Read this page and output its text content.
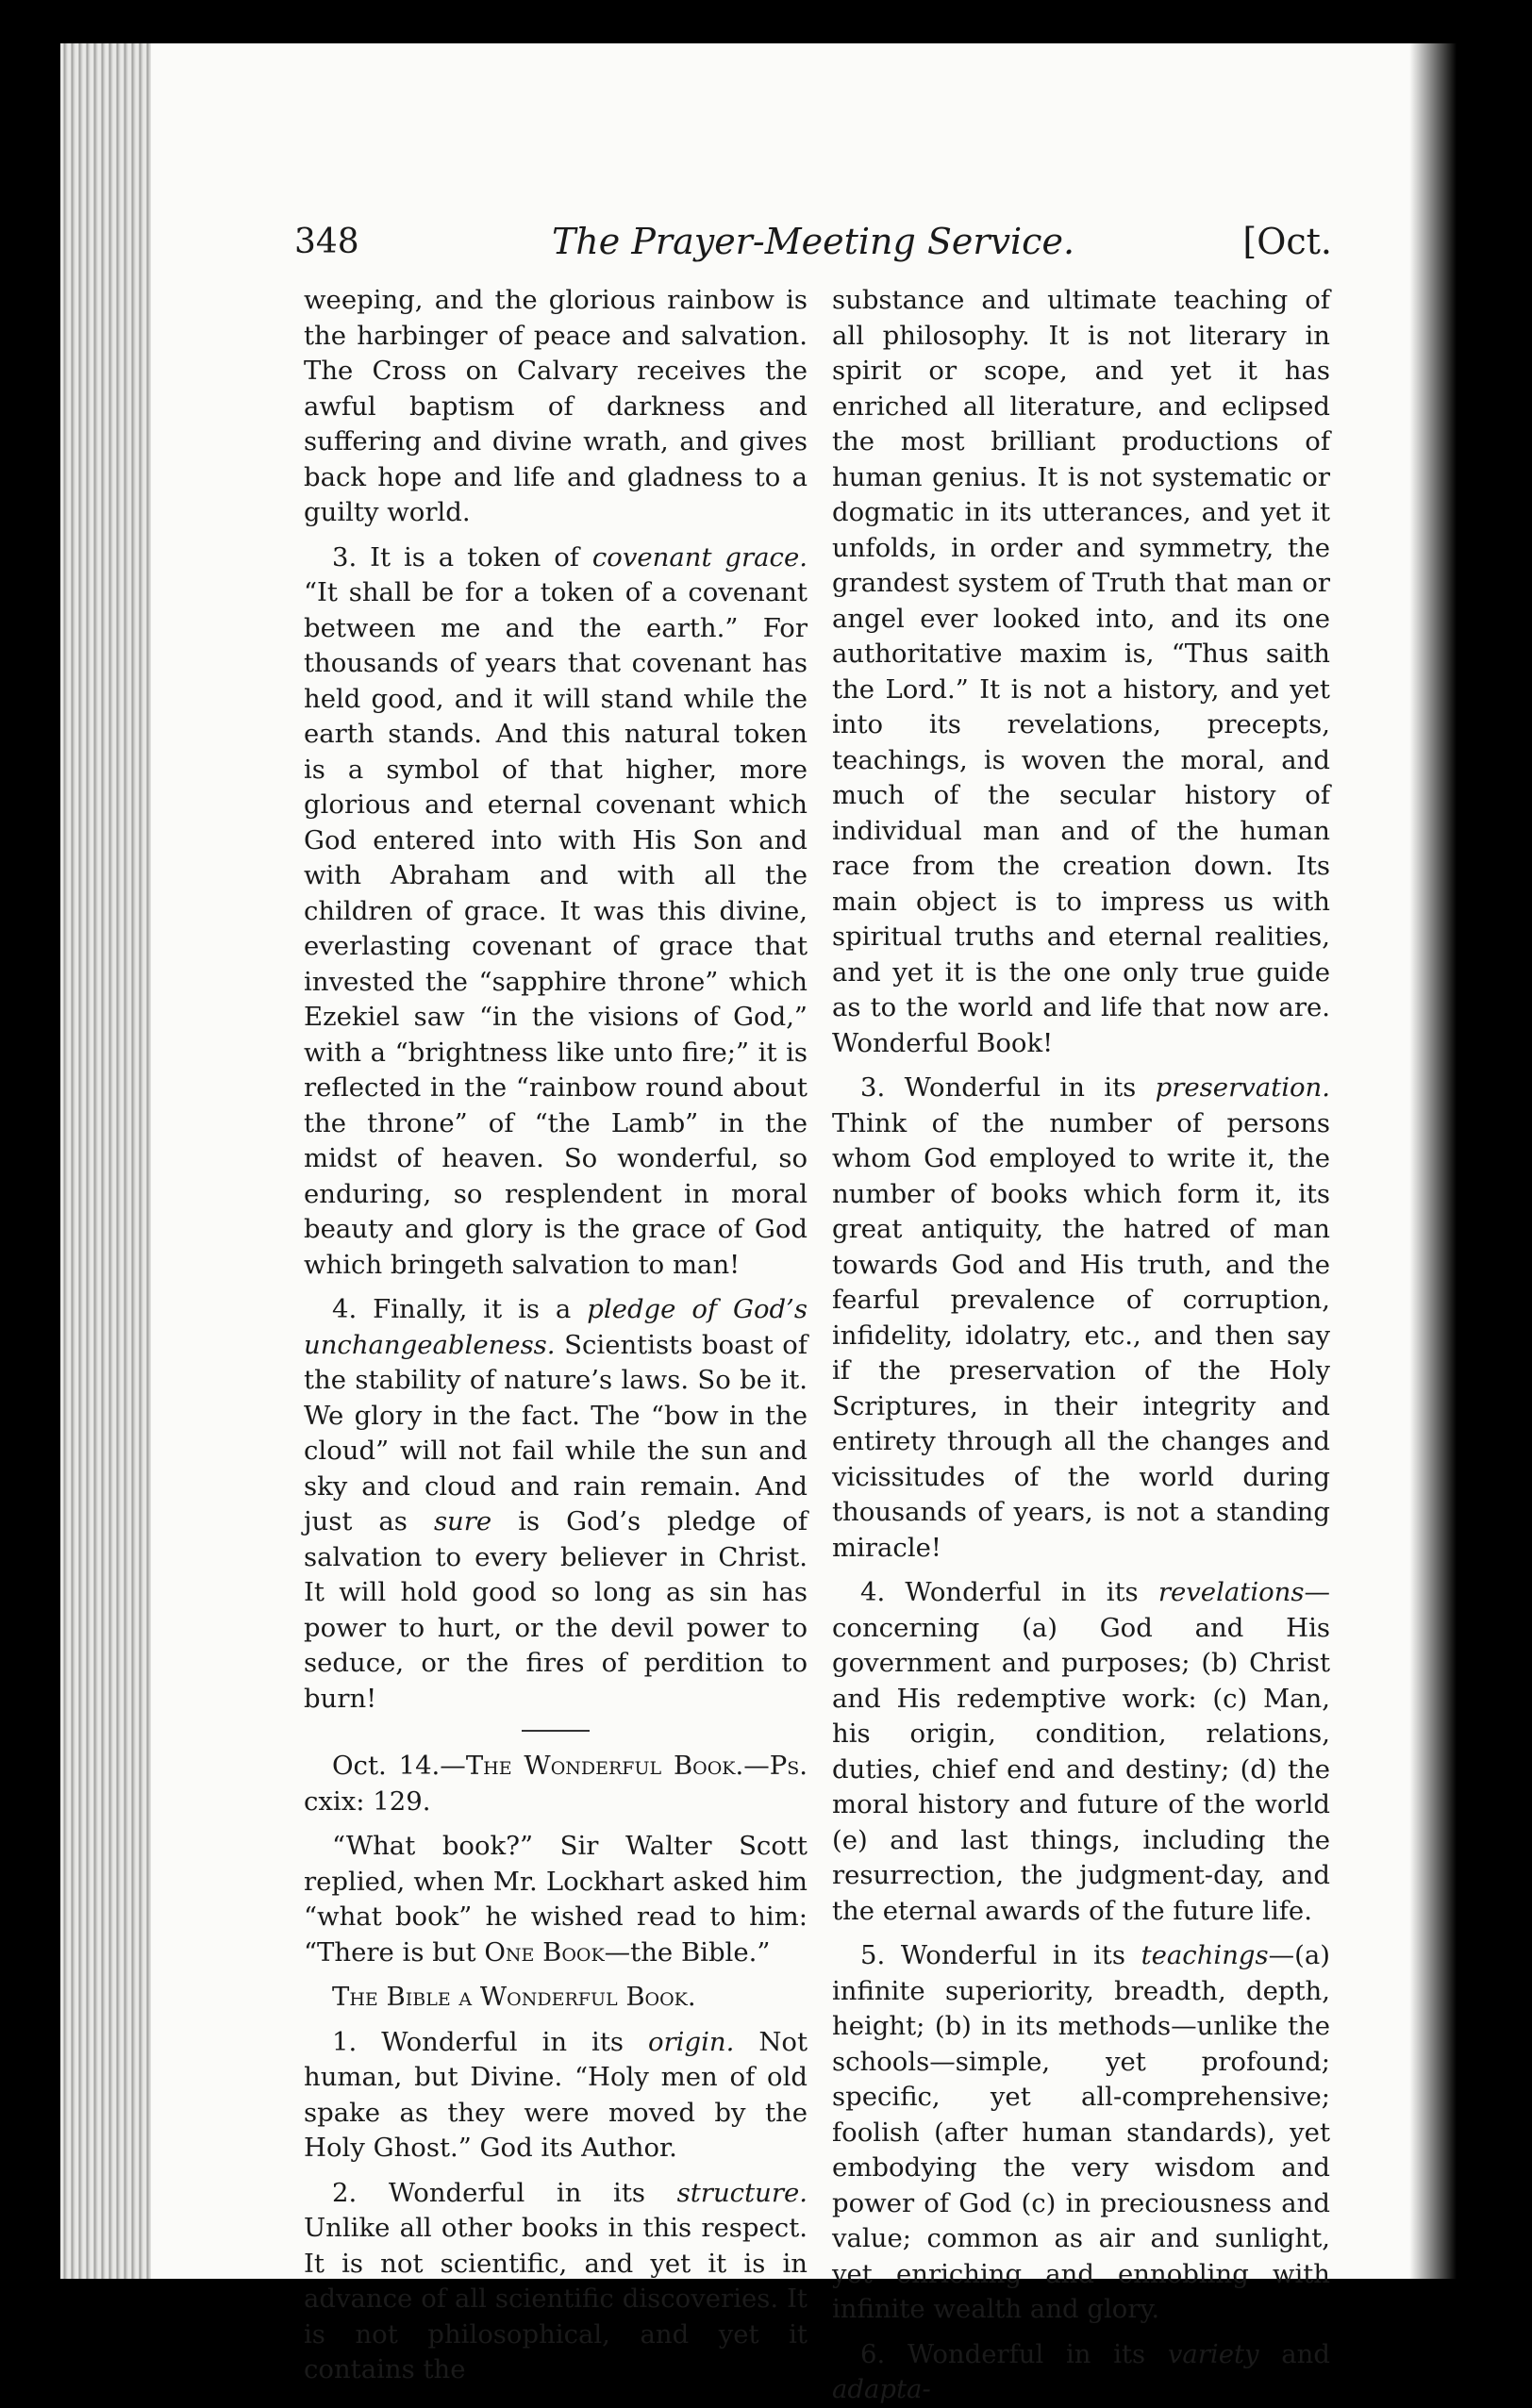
348	The Prayer-Meeting Service.	[Oct.

weeping, and the glorious rainbow is the harbinger of peace and salvation. The Cross on Calvary receives the awful baptism of darkness and suffering and divine wrath, and gives back hope and life and gladness to a guilty world.

3. It is a token of covenant grace. “It shall be for a token of a covenant between me and the earth.” For thousands of years that covenant has held good, and it will stand while the earth stands. And this natural token is a symbol of that higher, more glorious and eternal covenant which God entered into with His Son and with Abraham and with all the children of grace. It was this divine, everlasting covenant of grace that invested the “sapphire throne” which Ezekiel saw “in the visions of God,” with a “brightness like unto fire;” it is reflected in the “rainbow round about the throne” of “the Lamb” in the midst of heaven. So wonderful, so enduring, so resplendent in moral beauty and glory is the grace of God which bringeth salvation to man!

4. Finally, it is a pledge of God’s unchangeableness. Scientists boast of the stability of nature’s laws. So be it. We glory in the fact. The “bow in the cloud” will not fail while the sun and sky and cloud and rain remain. And just as sure is God’s pledge of salvation to every believer in Christ. It will hold good so long as sin has power to hurt, or the devil power to seduce, or the fires of perdition to burn!

Oct. 14.—The Wonderful Book.—Ps. cxix: 129.

“What book?” Sir Walter Scott replied, when Mr. Lockhart asked him “what book” he wished read to him: “There is but One Book—the Bible.”

The Bible a Wonderful Book.

1. Wonderful in its origin. Not human, but Divine. “Holy men of old spake as they were moved by the Holy Ghost.” God its Author.

2. Wonderful in its structure. Unlike all other books in this respect. It is not scientific, and yet it is in advance of all scientific discoveries. It is not philosophical, and yet it contains the

substance and ultimate teaching of all philosophy. It is not literary in spirit or scope, and yet it has enriched all literature, and eclipsed the most brilliant productions of human genius. It is not systematic or dogmatic in its utterances, and yet it unfolds, in order and symmetry, the grandest system of Truth that man or angel ever looked into, and its one authoritative maxim is, “Thus saith the Lord.” It is not a history, and yet into its revelations, precepts, teachings, is woven the moral, and much of the secular history of individual man and of the human race from the creation down. Its main object is to impress us with spiritual truths and eternal realities, and yet it is the one only true guide as to the world and life that now are. Wonderful Book!

3. Wonderful in its preservation. Think of the number of persons whom God employed to write it, the number of books which form it, its great antiquity, the hatred of man towards God and His truth, and the fearful prevalence of corruption, infidelity, idolatry, etc., and then say if the preservation of the Holy Scriptures, in their integrity and entirety through all the changes and vicissitudes of the world during thousands of years, is not a standing miracle!

4. Wonderful in its revelations—concerning (a) God and His government and purposes; (b) Christ and His redemptive work: (c) Man, his origin, condition, relations, duties, chief end and destiny; (d) the moral history and future of the world (e) and last things, including the resurrection, the judgment-day, and the eternal awards of the future life.

5. Wonderful in its teachings—(a) infinite superiority, breadth, depth, height; (b) in its methods—unlike the schools—simple, yet profound; specific, yet all-comprehensive; foolish (after human standards), yet embodying the very wisdom and power of God (c) in preciousness and value; common as air and sunlight, yet enriching and ennobling with infinite wealth and glory.

6. Wonderful in its variety and adapta-
